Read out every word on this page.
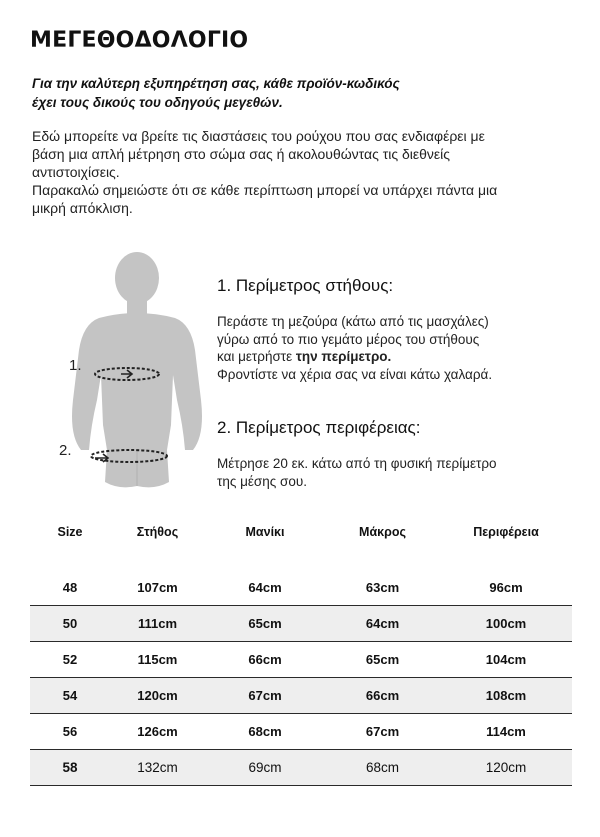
ΜΕΓΕΘΟΔΟΛΟΓΙΟ
Για την καλύτερη εξυπηρέτηση σας, κάθε προϊόν-κωδικός
έχει τους δικούς του οδηγούς μεγεθών.
Εδώ μπορείτε να βρείτε τις διαστάσεις του ρούχου που σας ενδιαφέρει με
βάση μια απλή μέτρηση στο σώμα σας ή ακολουθώντας τις διεθνείς
αντιστοιχίσεις.
Παρακαλώ σημειώστε ότι σε κάθε περίπτωση μπορεί να υπάρχει πάντα μια
μικρή απόκλιση.
1.
2.
1. Περίμετρος στήθους:
Περάστε τη μεζούρα (κάτω από τις μασχάλες)
γύρω από το πιο γεμάτο μέρος του στήθους
και μετρήστε την περίμετρο.
Φροντίστε να χέρια σας να είναι κάτω χαλαρά.
2. Περίμετρος περιφέρειας:
Μέτρησε 20 εκ. κάτω από τη φυσική περίμετρο
της μέσης σου.
Size	Στήθος	Μανίκι	Μάκρος	Περιφέρεια

48	107cm	64cm	63cm	96cm
50	111cm	65cm	64cm	100cm
52	115cm	66cm	65cm	104cm
54	120cm	67cm	66cm	108cm
56	126cm	68cm	67cm	114cm
58	132cm	69cm	68cm	120cm
